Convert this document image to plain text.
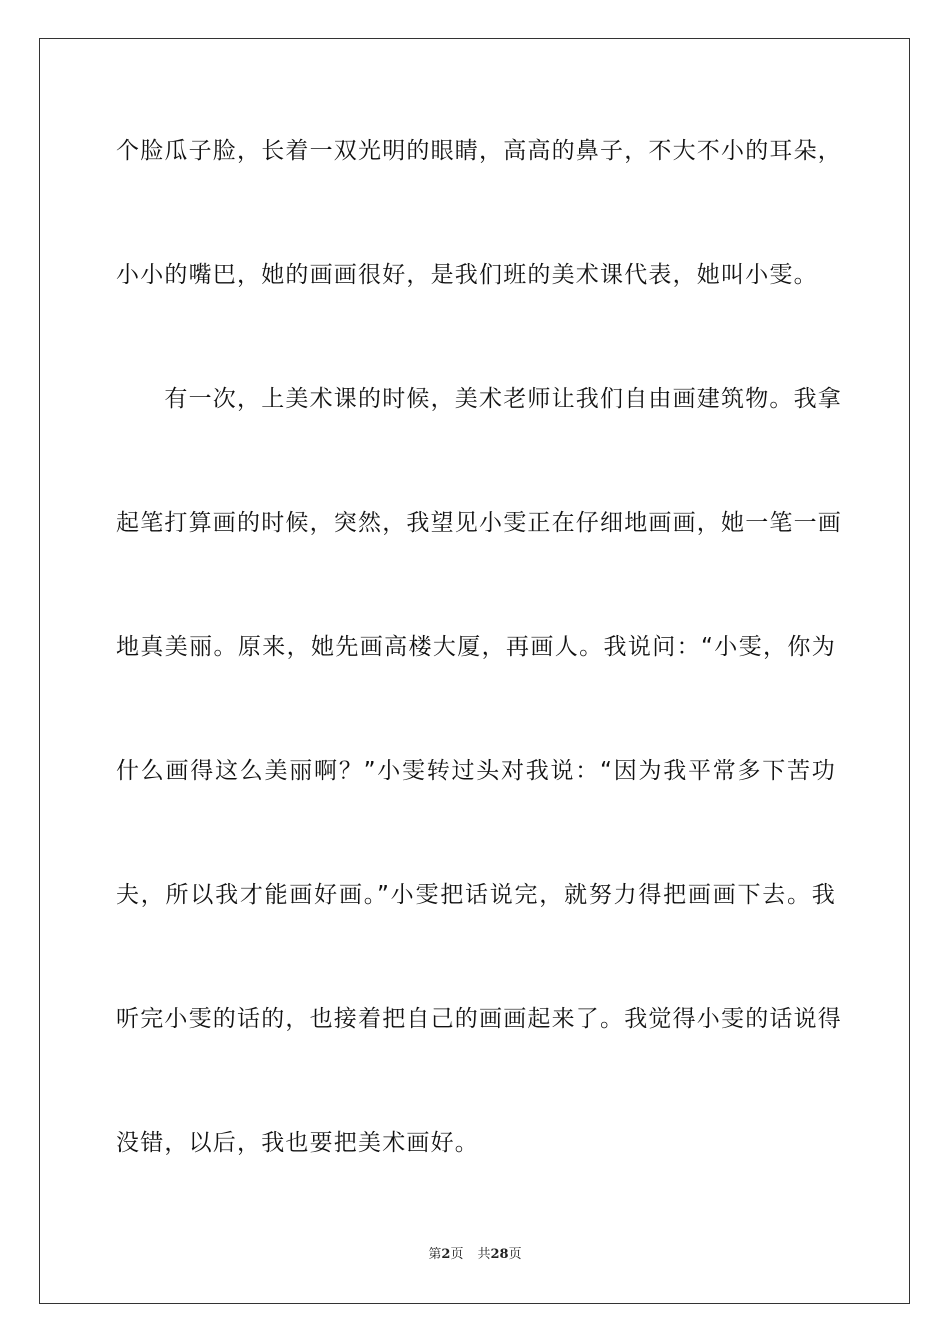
个脸瓜子脸，长着一双光明的眼睛，高高的鼻子，不大不小的耳朵，
小小的嘴巴，她的画画很好，是我们班的美术课代表，她叫小雯。
　　有一次，上美术课的时候，美术老师让我们自由画建筑物。我拿
起笔打算画的时候，突然，我望见小雯正在仔细地画画，她一笔一画
地真美丽。原来，她先画高楼大厦，再画人。我说问：“小雯，你为
什么画得这么美丽啊？”小雯转过头对我说：“因为我平常多下苦功
夫，所以我才能画好画。”小雯把话说完，就努力得把画画下去。我
听完小雯的话的，也接着把自己的画画起来了。我觉得小雯的话说得
没错，以后，我也要把美术画好。
第2页 共28页
